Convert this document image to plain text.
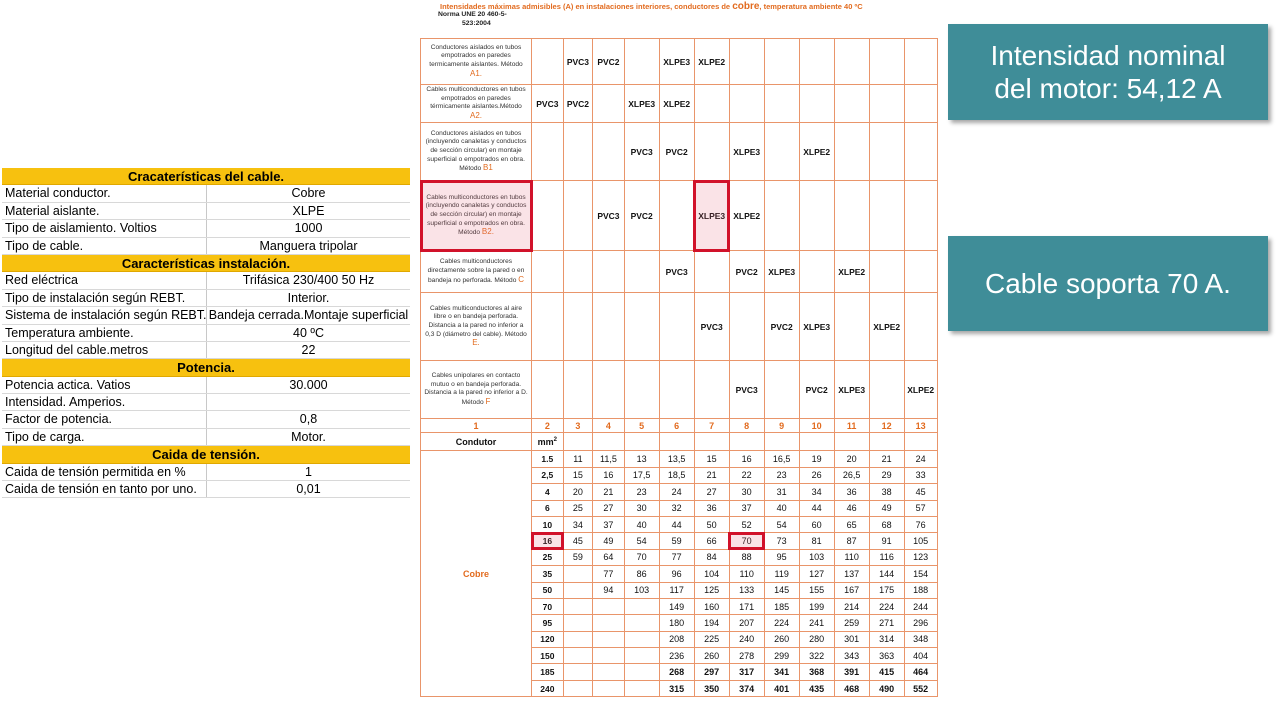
Cracaterísticas del cable.
Material conductor.	Cobre
Material aislante.	XLPE
Tipo de aislamiento. Voltios	1000
Tipo de cable.	Manguera tripolar
Características instalación.
Red eléctrica	Trifásica 230/400 50 Hz
Tipo de instalación según REBT.	Interior.
Sistema de instalación según REBT. Bandeja cerrada.Montaje superficial
Temperatura ambiente.	40 ºC
Longitud del cable.metros	22
Potencia.
Potencia actica. Vatios	30.000
Intensidad. Amperios.
Factor de potencia.	0,8
Tipo de carga.	Motor.
Caida de tensión.
Caida de tensión permitida en %	1
Caida de tensión en tanto por uno.	0,01
Intensidades máximas admisibles (A) en instalaciones interiores, conductores de cobre, temperatura ambiente 40 ºC
Norma UNE 20 460-5-
523:2004
Conductores aislados en tubos empotrados en paredes termicamente aislantes. Método A1.		PVC3	PVC2		XLPE3	XLPE2							
Cables multiconductores en tubos empotrados en paredes térmicamente aislantes.Método A2.	PVC3	PVC2		XLPE3	XLPE2								
Conductores aislados en tubos (incluyendo canaletas y conductos de sección circular) en montaje superficial o empotrados en obra. Método B1				PVC3	PVC2		XLPE3		XLPE2				
Cables multiconductores en tubos (incluyendo canaletas y conductos de sección circular) en montaje superficial o empotrados en obra. Método B2.			PVC3	PVC2		XLPE3	XLPE2						
Cables multiconductores directamente sobre la pared o en bandeja no perforada. Método C					PVC3		PVC2	XLPE3		XLPE2			
Cables multiconductores al aire libre o en bandeja perforada. Distancia a la pared no inferior a 0,3 D (diámetro del cable). Método E.						PVC3		PVC2	XLPE3		XLPE2		
Cables unipolares en contacto mutuo o en bandeja perforada. Distancia a la pared no inferior a D. Método F							PVC3		PVC2	XLPE3		XLPE2	
1	2	3	4	5	6	7	8	9	10	11	12	13	
Condutor	$mm^2$											
Cobre	1.5	11	11,5	13	13,5	15	16	16,5	19	20	21	24	
	2,5	15	16	17,5	18,5	21	22	23	26	26,5	29	33	
	4	20	21	23	24	27	30	31	34	36	38	45	
	6	25	27	30	32	36	37	40	44	46	49	57	
	10	34	37	40	44	50	52	54	60	65	68	76	
	16	45	49	54	59	66	70	73	81	87	91	105	
	25	59	64	70	77	84	88	95	103	110	116	123	
	35		77	86	96	104	110	119	127	137	144	154	
	50		94	103	117	125	133	145	155	167	175	188	
	70				149	160	171	185	199	214	224	244	
	95				180	194	207	224	241	259	271	296	
	120				208	225	240	260	280	301	314	348	
	150				236	260	278	299	322	343	363	404	
	185				268	297	317	341	368	391	415	464	
	240				315	350	374	401	435	468	490	552	
Intensidad nominal del motor: 54,12 A
Cable soporta 70 A.
